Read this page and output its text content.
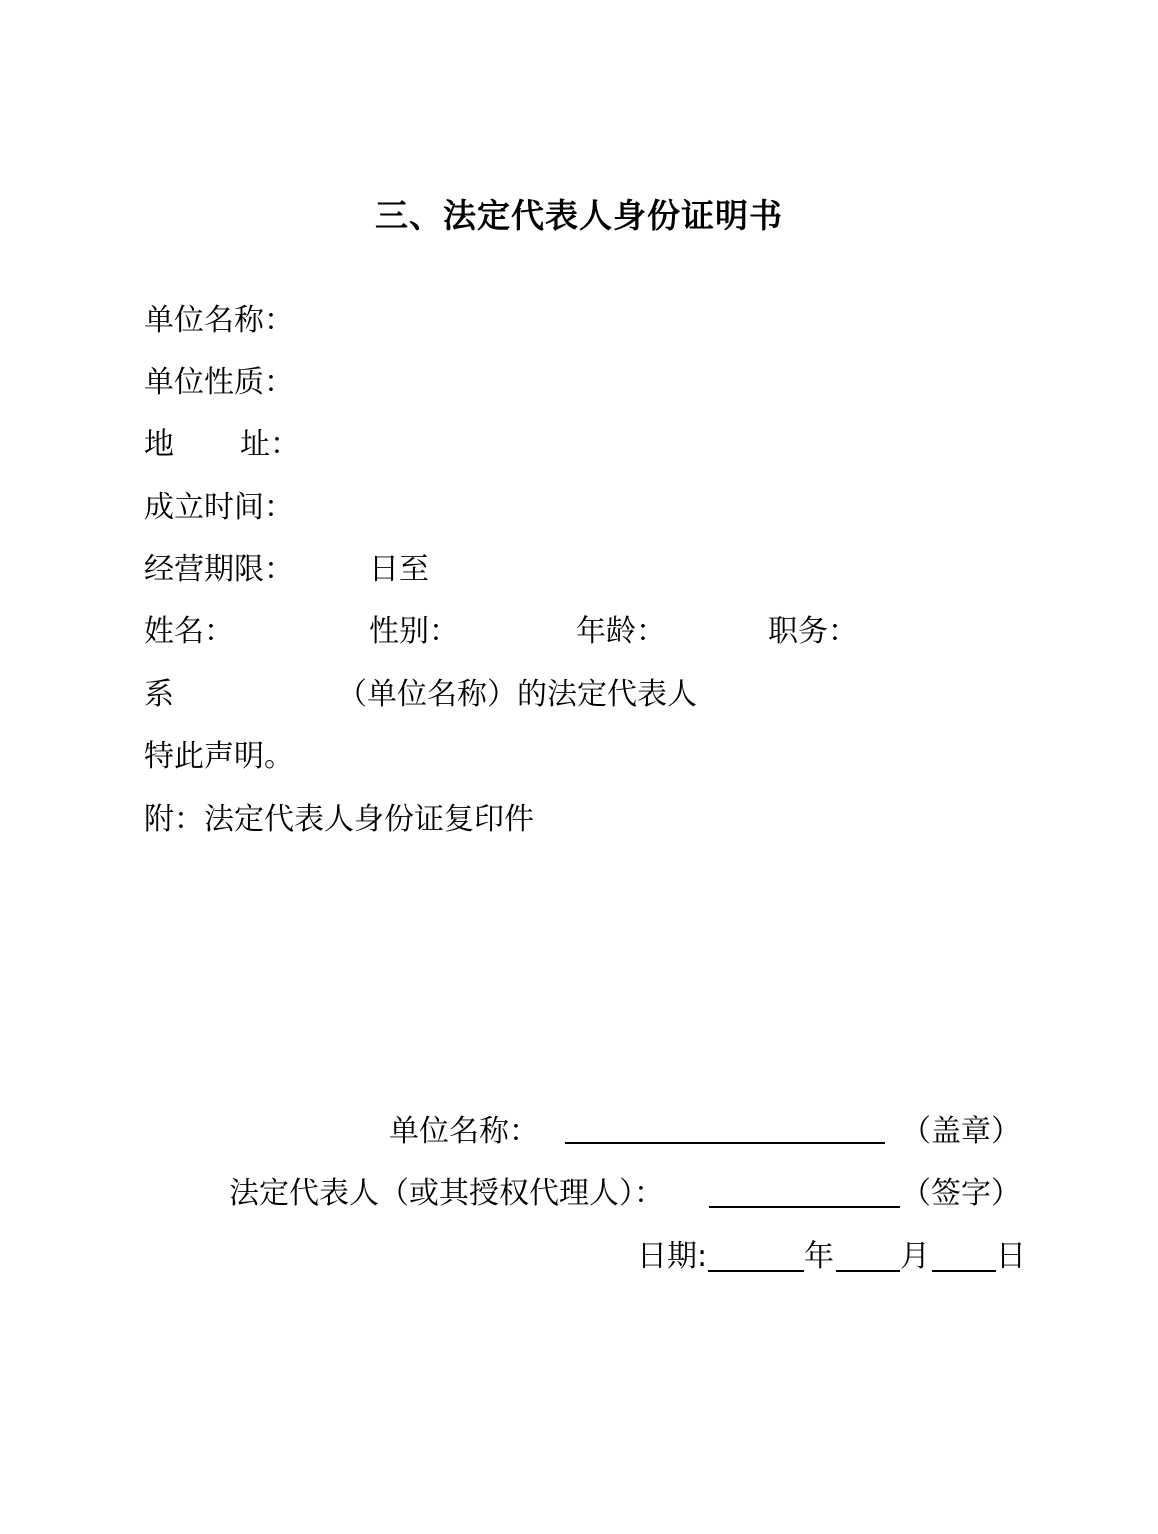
三、法定代表人身份证明书
单位名称：
单位性质：
地 址：
成立时间：
经营期限：	日至
姓名：	性别：	年龄：	职务：
系	（单位名称）的法定代表人
特此声明。
附：法定代表人身份证复印件
单位名称：	（盖章）
法定代表人（或其授权代理人）：	（签字）
日期:	年 月 日
